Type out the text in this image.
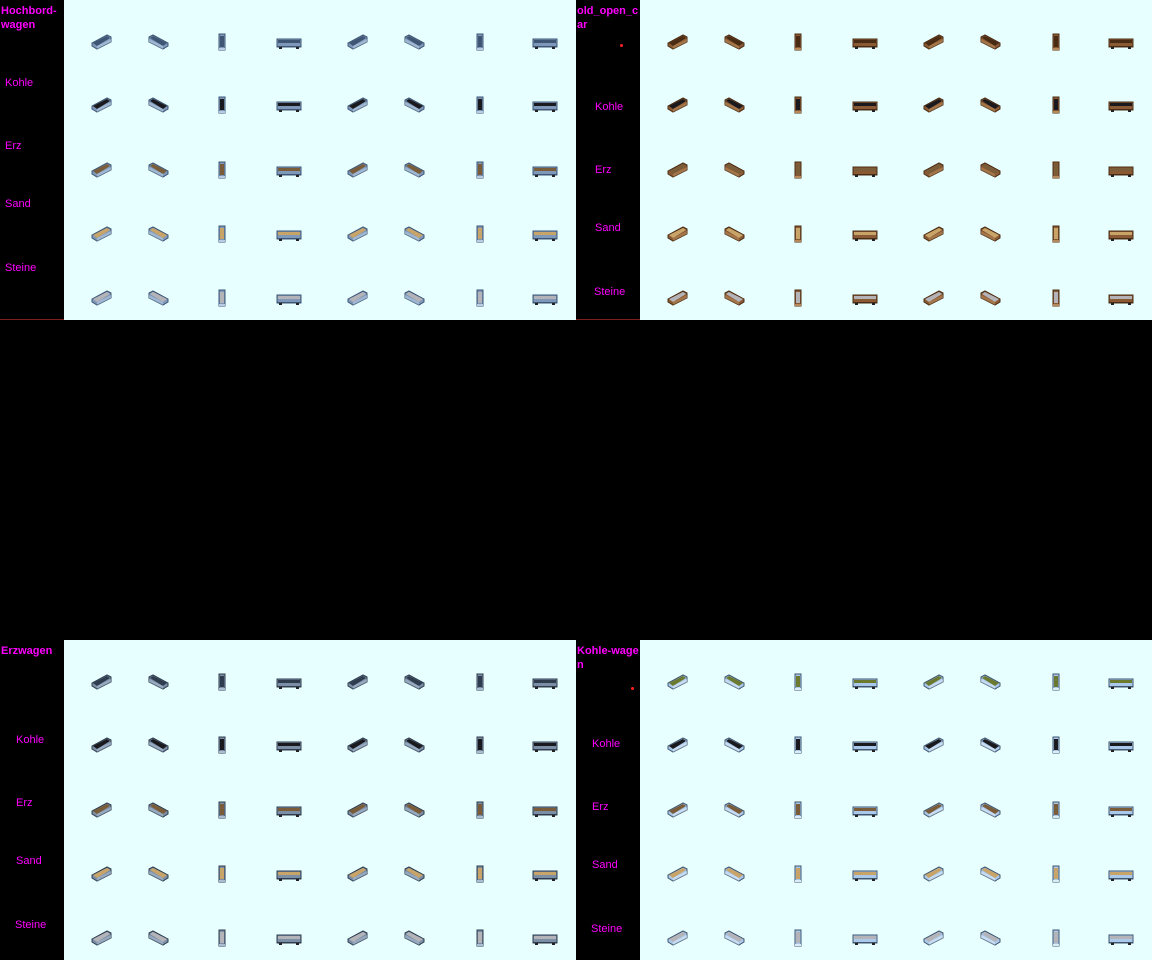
Hochbord-wagen
Kohle
Erz
Sand
Steine
old_open_car
Kohle
Erz
Sand
Steine
Erzwagen
Kohle
Erz
Sand
Steine
Kohle-wagen
Kohle
Erz
Sand
Steine
